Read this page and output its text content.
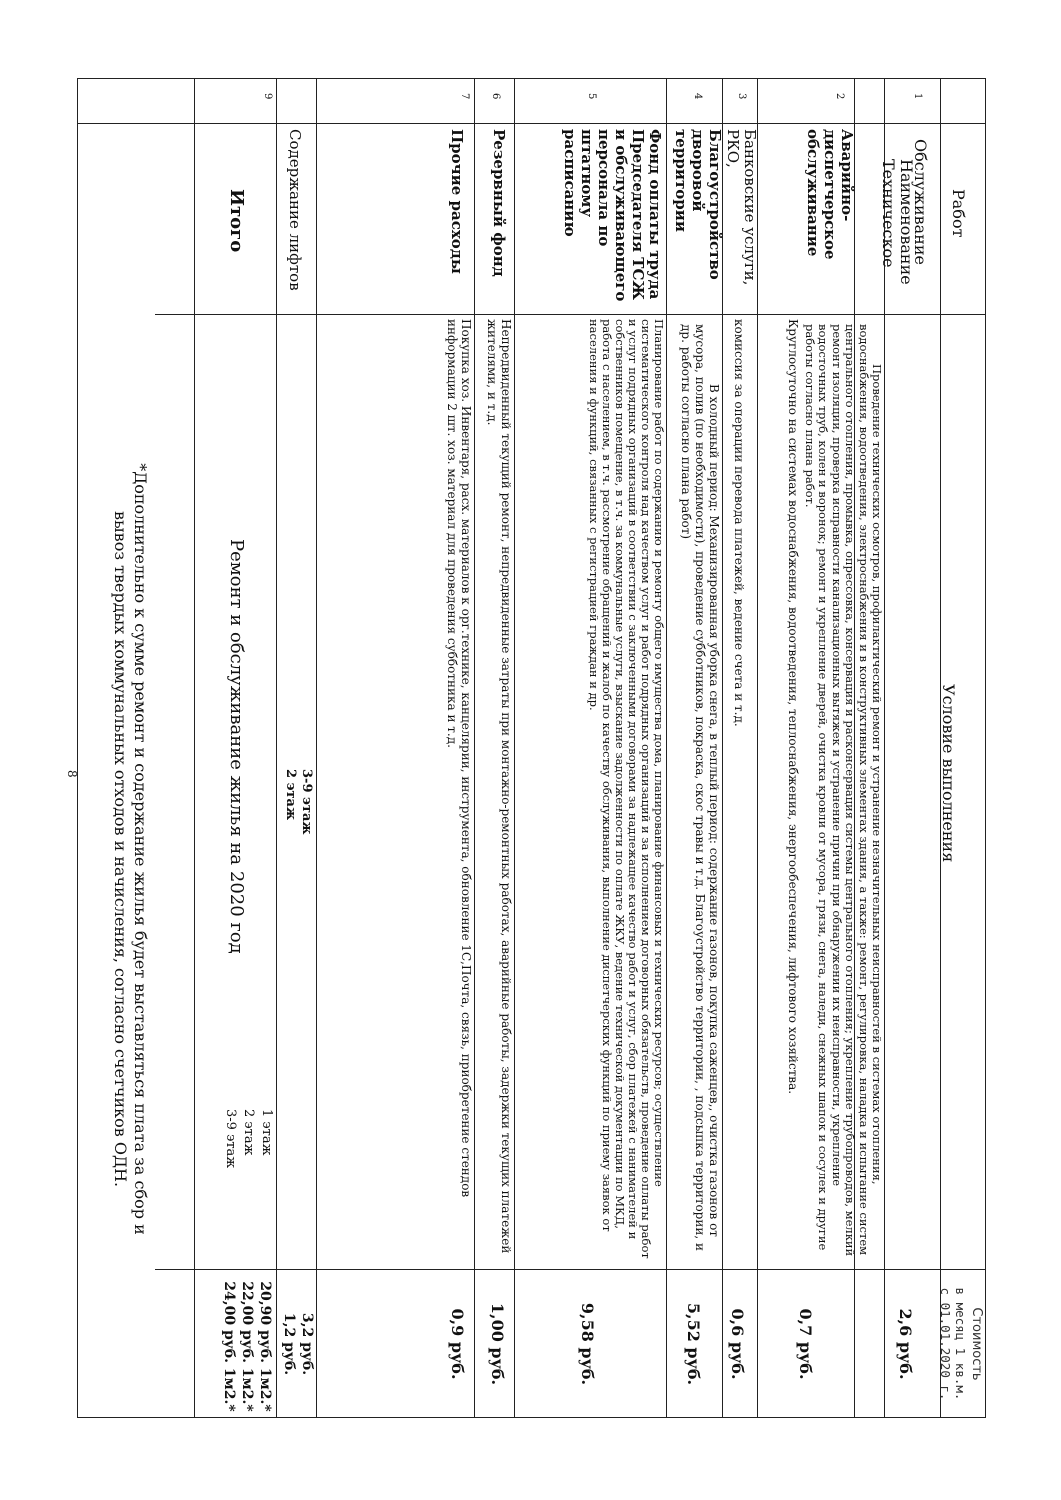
Наименование Работ
Условие выполнения
Стоимость
в месяц 1 кв.м.
с 01.01.2020 г.
1
Техническое Обслуживание
Проведение технических осмотров, профилактический ремонт и устранение незначительных неисправностей в системах отопления, водоснабжения, водоотведения, электроснабжения и в конструктивных элементах здания, а также: ремонт, регулировка, наладка и испытание систем центрального отопления, промывка, опрессовка, консервация и расконсервация системы центрального отопления; укрепление трубопроводов, мелкий ремонт изоляции, проверка исправности канализационных вытяжек и устранение причин при обнаружении их неисправности, укрепление водосточных труб, колен и воронок; ремонт и укрепление дверей, очистка кровли от мусора, грязи, снега, наледи, снежных шапок и сосулек и другие работы согласно плана работ.
2,6 руб.
2
Аварийно-диспетчерское обслуживание
Круглосуточно на системах водоснабжения, водоотведения, теплоснабжения, энергообеспечения, лифтового хозяйства.
0,7 руб.
3
Банковские услуги, РКО,
комиссия за операции перевода платежей, ведение счета и т.д.
0,6 руб.
4
Благоустройство дворовой территории
В холодный период: Механизированная уборка снега, в теплый период: содержание газонов, покупка саженцев,, очистка газонов от мусора, полив (по необходимости), проведение субботников, покраска, скос травы и т.д. Благоустройство территории, , подсыпка территории, и др. работы согласно плана работ)
5,52 руб.
5
Фонд оплаты труда Председателя ТСЖ и обслуживающего персонала по штатному расписанию
Планирование работ по содержанию и ремонту общего имущества дома, планирование финансовых и технических ресурсов; осуществление систематического контроля над качеством услуг и работ подрядных организаций и за исполнением договорных обязательств, проведение оплаты работ и услуг подрядных организаций в соответствии с заключенными договорами за надлежащее качество работ и услуг, сбор платежей с нанимателей и собственников помещение, в т.ч. за коммунальные услуги, взыскание задолженности по оплате ЖКУ, ведение технической документации по МКД, работа с населением, в т.ч. рассмотрение обращений и жалоб по качеству обслуживания, выполнение диспетчерских функций по приему заявок от населения и функций, связанных с регистрацией граждан и др.
9,58 руб.
6
Резервный фонд
Непредвиденный текущий ремонт, непредвиденные затраты при монтажно-ремонтных работах, аварийные работы, задержки текущих платежей жителями, и т.д.
1,00 руб.
7
Прочие расходы
Покупка хоз. Инвентаря, расх. материалов к орг.технике, канцелярии, инструмента, обновление 1С,Почта, связь, приобретение стендов информации 2 шт. хоз. материал для проведения субботника и т.д.
0,9 руб.
Содержание лифтов
3-9 этаж
2 этаж
3,2 руб.
1,2 руб.
9
Итого
Ремонт и обслуживание жилья на 2020 год
1 этаж
2 этаж
3-9 этаж
20,90 руб. 1м2.*
22,00 руб. 1м2.*
24,00 руб. 1м2.*
*Дополнительно к сумме ремонт и содержание жилья будет выставляться плата за сбор и
вывоз твердых коммунальных отходов и начисления, согласно счетчиков ОДН.
8
